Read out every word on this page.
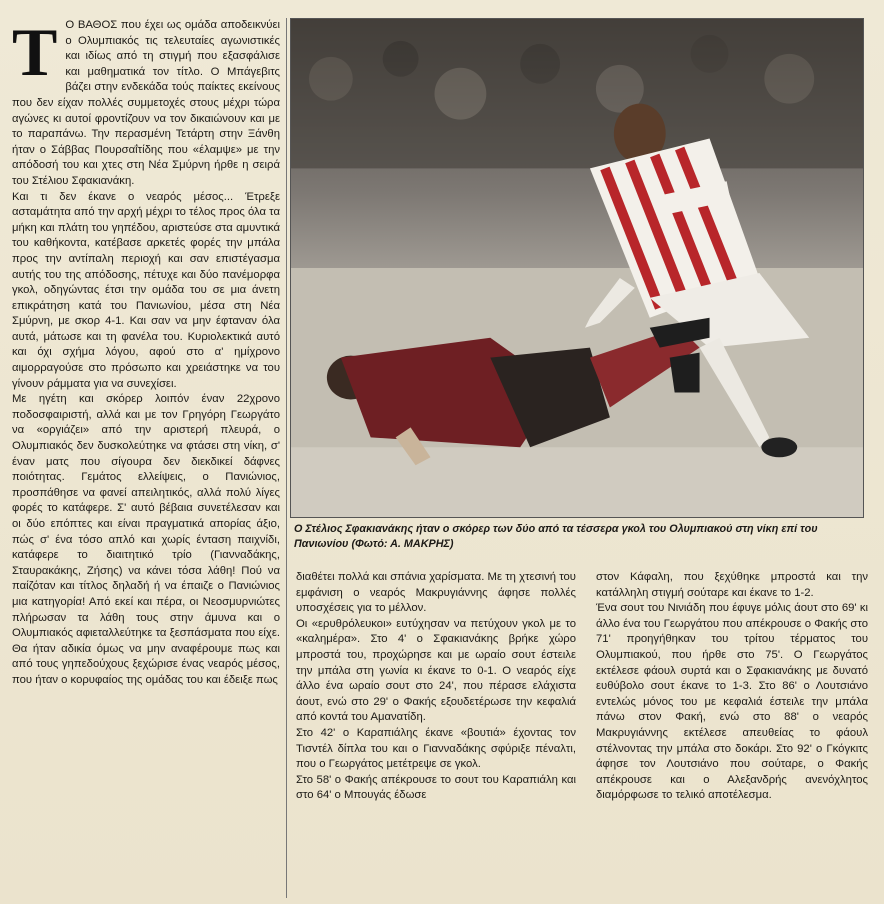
Τ Ο ΒΑΘΟΣ που έχει ως ομάδα αποδεικνύει ο Ολυμπιακός τις τελευταίες αγωνιστικές και ιδίως από τη στιγμή που εξασφάλισε και μαθηματικά τον τίτλο. Ο Μπάγεβιτς βάζει στην ενδεκάδα τούς παίκτες εκείνους που δεν είχαν πολλές συμμετοχές στους μέχρι τώρα αγώνες κι αυτοί φροντίζουν να τον δικαιώνουν και με το παραπάνω. Την περασμένη Τετάρτη στην Ξάνθη ήταν ο Σάββας Πουρσαΐτίδης που «έλαμψε» με την απόδοσή του και χτες στη Νέα Σμύρνη ήρθε η σειρά του Στέλιου Σφακιανάκη.

Και τι δεν έκανε ο νεαρός μέσος... Έτρεξε ασταμάτητα από την αρχή μέχρι το τέλος προς όλα τα μήκη και πλάτη του γηπέδου, αριστεύσε στα αμυντικά του καθήκοντα, κατέβασε αρκετές φορές την μπάλα προς την αντίπαλη περιοχή και σαν επιστέγασμα αυτής του της απόδοσης, πέτυχε και δύο πανέμορφα γκολ, οδηγώντας έτσι την ομάδα του σε μια άνετη επικράτηση κατά του Πανιωνίου, μέσα στη Νέα Σμύρνη, με σκορ 4-1. Και σαν να μην έφταναν όλα αυτά, μάτωσε και τη φανέλα του. Κυριολεκτικά αυτό και όχι σχήμα λόγου, αφού στο α' ημίχρονο αιμορραγούσε στο πρόσωπο και χρειάστηκε να του γίνουν ράμματα για να συνεχίσει.

Με ηγέτη και σκόρερ λοιπόν έναν 22χρονο ποδοσφαιριστή, αλλά και με τον Γρηγόρη Γεωργάτο να «οργιάζει» από την αριστερή πλευρά, ο Ολυμπιακός δεν δυσκολεύτηκε να φτάσει στη νίκη, σ' έναν ματς που σίγουρα δεν διεκδικεί δάφνες ποιότητας. Γεμάτος ελλείψεις, ο Πανιώνιος, προσπάθησε να φανεί απειλητικός, αλλά πολύ λίγες φορές το κατάφερε. Σ' αυτό βέβαια συνετέλεσαν και οι δύο επόπτες και είναι πραγματικά απορίας άξιο, πώς σ' ένα τόσο απλό και χωρίς ένταση παιχνίδι, κατάφερε το διαιτητικό τρίο (Γιανναδάκης, Σταυρακάκης, Ζήσης) να κάνει τόσα λάθη! Πού να παίζόταν και τίτλος δηλαδή ή να έπαιζε ο Πανιώνιος μια κατηγορία! Από εκεί και πέρα, οι Νεοσμυρνιώτες πλήρωσαν τα λάθη τους στην άμυνα και ο Ολυμπιακός αφιεταλλεύτηκε τα ξεσπάσματα που είχε. Θα ήταν αδικία όμως να μην αναφέρουμε πως και από τους γηπεδούχους ξεχώρισε ένας νεαρός μέσος, που ήταν ο κορυφαίος της ομάδας του και έδειξε πως

Ο Στέλιος Σφακιανάκης ήταν ο σκόρερ των δύο από τα τέσσερα γκολ του Ολυμπιακού στη νίκη επί του Πανιωνίου (Φωτό: Α. ΜΑΚΡΗΣ)

διαθέτει πολλά και σπάνια χαρίσματα. Με τη χτεσινή του εμφάνιση ο νεαρός Μακρυγιάννης άφησε πολλές υποσχέσεις για το μέλλον.

Οι «ερυθρόλευκοι» ευτύχησαν να πετύχουν γκολ με το «καλημέρα». Στο 4' ο Σφακιανάκης βρήκε χώρο μπροστά του, προχώρησε και με ωραίο σουτ έστειλε την μπάλα στη γωνία κι έκανε το 0-1. Ο νεαρός είχε άλλο ένα ωραίο σουτ στο 24', που πέρασε ελάχιστα άουτ, ενώ στο 29' ο Φακής εξουδετέρωσε την κεφαλιά από κοντά του Αμανατίδη.

Στο 42' ο Καραπιάλης έκανε «βουτιά» έχοντας τον Τισντέλ δίπλα του και ο Γιανναδάκης σφύριξε πέναλτι, που ο Γεωργάτος μετέτρεψε σε γκολ.

Στο 58' ο Φακής απέκρουσε το σουτ του Καραπιάλη και στο 64' ο Μπουγάς έδωσε

στον Κάφαλη, που ξεχύθηκε μπροστά και την κατάλληλη στιγμή σούταρε και έκανε το 1-2.

Ένα σουτ του Νινιάδη που έφυγε μόλις άουτ στο 69' κι άλλο ένα του Γεωργάτου που απέκρουσε ο Φακής στο 71' προηγήθηκαν του τρίτου τέρματος του Ολυμπιακού, που ήρθε στο 75'. Ο Γεωργάτος εκτέλεσε φάουλ συρτά και ο Σφακιανάκης με δυνατό ευθύβολο σουτ έκανε το 1-3. Στο 86' ο Λουτσιάνο εντελώς μόνος του με κεφαλιά έστειλε την μπάλα πάνω στον Φακή, ενώ στο 88' ο νεαρός Μακρυγιάννης εκτέλεσε απευθείας το φάουλ στέλνοντας την μπάλα στο δοκάρι. Στο 92' ο Γκόγκιτς άφησε τον Λουτσιάνο που σούταρε, ο Φακής απέκρουσε και ο Αλεξανδρής ανενόχλητος διαμόρφωσε το τελικό αποτέλεσμα.
